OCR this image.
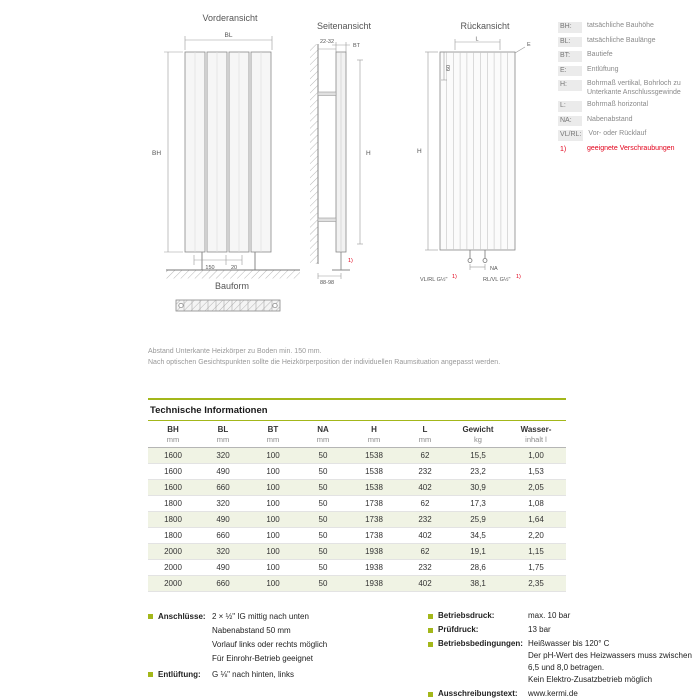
Vorderansicht
Seitenansicht	Rückansicht
BL
BH
150	20
22-32
BT
H
1)
88-98
L
E
60
H
NA
VL/RL G½" 1)	RL/VL G½" 1)
BH:	tatsächliche Bauhöhe
BL:	tatsächliche Baulänge
BT:	Bautiefe
E:	Entlüftung
H:	Bohrmaß vertikal, Bohrloch zu Unterkante Anschlussgewinde
L:	Bohrmaß horizontal
NA:	Nabenabstand
VL/RL:	Vor- oder Rücklauf
1)	geeignete Verschraubungen
Bauform
Abstand Unterkante Heizkörper zu Boden min. 150 mm.
Nach optischen Gesichtspunkten sollte die Heizkörperposition der individuellen Raumsituation angepasst werden.
Technische Informationen
BH
mm
BL
mm
BT
mm
NA
mm
H
mm
L
mm
Gewicht
kg
Wasser-
inhalt l
1600	320	100	50	1538	62	15,5	1,00
1600	490	100	50	1538	232	23,2	1,53
1600	660	100	50	1538	402	30,9	2,05
1800	320	100	50	1738	62	17,3	1,08
1800	490	100	50	1738	232	25,9	1,64
1800	660	100	50	1738	402	34,5	2,20
2000	320	100	50	1938	62	19,1	1,15
2000	490	100	50	1938	232	28,6	1,75
2000	660	100	50	1938	402	38,1	2,35
Anschlüsse: 2 × ½" IG mittig nach unten
Nabenabstand 50 mm
Vorlauf links oder rechts möglich
Für Einrohr-Betrieb geeignet
Entlüftung: G ⅛" nach hinten, links
Betriebsdruck:	max. 10 bar
Prüfdruck:	13 bar
Betriebsbedingungen: Heißwasser bis 120° C
Der pH-Wert des Heizwassers muss zwischen
6,5 und 8,0 betragen.
Kein Elektro-Zusatzbetrieb möglich
Ausschreibungstext: www.kermi.de
